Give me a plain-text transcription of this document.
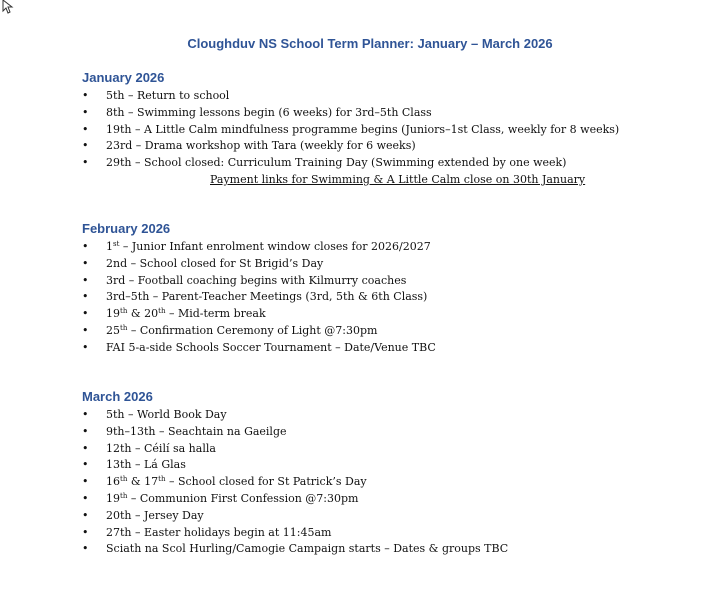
Cloughduv NS School Term Planner: January – March 2026
January 2026
• 5th – Return to school
• 8th – Swimming lessons begin (6 weeks) for 3rd–5th Class
• 19th – A Little Calm mindfulness programme begins (Juniors–1st Class, weekly for 8 weeks)
• 23rd – Drama workshop with Tara (weekly for 6 weeks)
• 29th – School closed: Curriculum Training Day (Swimming extended by one week)
Payment links for Swimming & A Little Calm close on 30th January
February 2026
• 1st – Junior Infant enrolment window closes for 2026/2027
• 2nd – School closed for St Brigid’s Day
• 3rd – Football coaching begins with Kilmurry coaches
• 3rd–5th – Parent-Teacher Meetings (3rd, 5th & 6th Class)
• 19th & 20th – Mid-term break
• 25th – Confirmation Ceremony of Light @7:30pm
• FAI 5-a-side Schools Soccer Tournament – Date/Venue TBC
March 2026
• 5th – World Book Day
• 9th–13th – Seachtain na Gaeilge
• 12th – Céilí sa halla
• 13th – Lá Glas
• 16th & 17th – School closed for St Patrick’s Day
• 19th – Communion First Confession @7:30pm
• 20th – Jersey Day
• 27th – Easter holidays begin at 11:45am
• Sciath na Scol Hurling/Camogie Campaign starts – Dates & groups TBC
